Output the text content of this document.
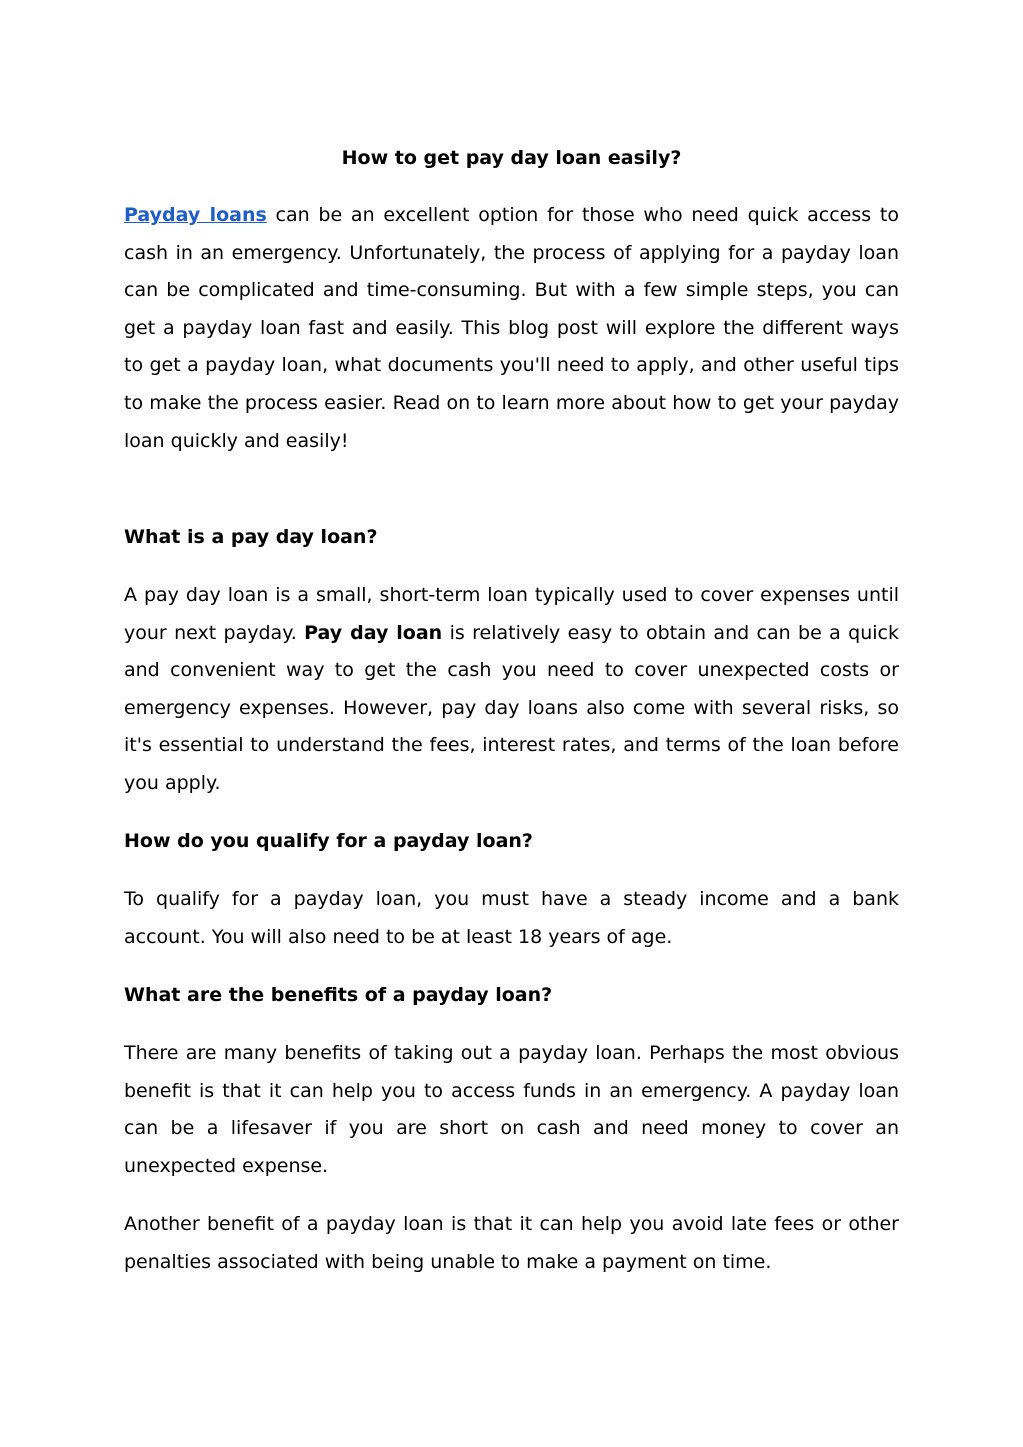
How to get pay day loan easily?

Payday loans can be an excellent option for those who need quick access to cash in an emergency. Unfortunately, the process of applying for a payday loan can be complicated and time-consuming. But with a few simple steps, you can get a payday loan fast and easily. This blog post will explore the different ways to get a payday loan, what documents you'll need to apply, and other useful tips to make the process easier. Read on to learn more about how to get your payday loan quickly and easily!

What is a pay day loan?

A pay day loan is a small, short-term loan typically used to cover expenses until your next payday. Pay day loan is relatively easy to obtain and can be a quick and convenient way to get the cash you need to cover unexpected costs or emergency expenses. However, pay day loans also come with several risks, so it's essential to understand the fees, interest rates, and terms of the loan before you apply.

How do you qualify for a payday loan?

To qualify for a payday loan, you must have a steady income and a bank account. You will also need to be at least 18 years of age.

What are the benefits of a payday loan?

There are many benefits of taking out a payday loan. Perhaps the most obvious benefit is that it can help you to access funds in an emergency. A payday loan can be a lifesaver if you are short on cash and need money to cover an unexpected expense.

Another benefit of a payday loan is that it can help you avoid late fees or other penalties associated with being unable to make a payment on time.
